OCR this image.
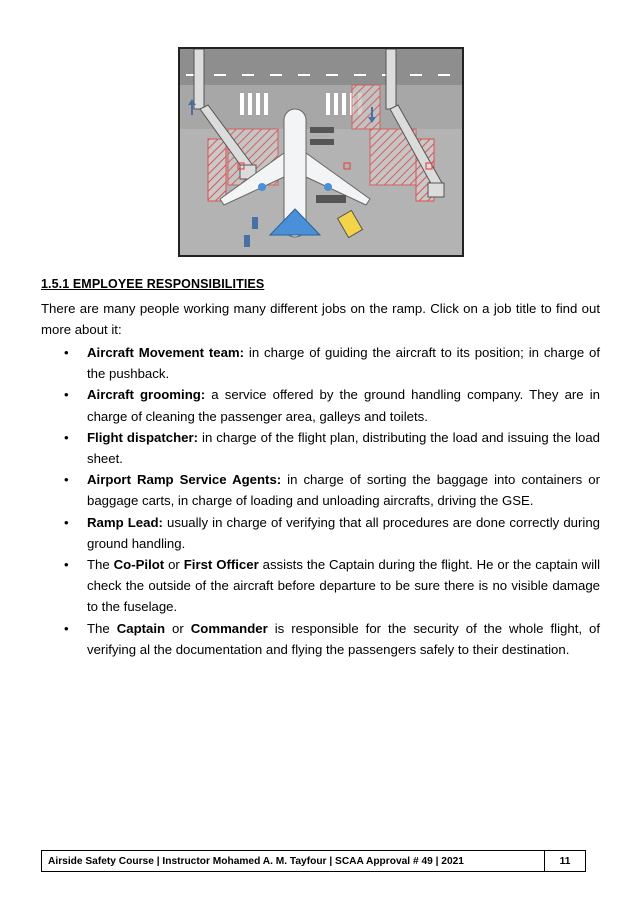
1.5.1 EMPLOYEE RESPONSIBILITIES

There are many people working many different jobs on the ramp. Click on a job title to find out more about it:

• Aircraft Movement team: in charge of guiding the aircraft to its position; in charge of the pushback.
• Aircraft grooming: a service offered by the ground handling company. They are in charge of cleaning the passenger area, galleys and toilets.
• Flight dispatcher: in charge of the flight plan, distributing the load and issuing the load sheet.
• Airport Ramp Service Agents: in charge of sorting the baggage into containers or baggage carts, in charge of loading and unloading aircrafts, driving the GSE.
• Ramp Lead: usually in charge of verifying that all procedures are done correctly during ground handling.
• The Co-Pilot or First Officer assists the Captain during the flight. He or the captain will check the outside of the aircraft before departure to be sure there is no visible damage to the fuselage.
• The Captain or Commander is responsible for the security of the whole flight, of verifying al the documentation and flying the passengers safely to their destination.
Airside Safety Course | Instructor Mohamed A. M. Tayfour | SCAA Approval # 49 | 2021	11
